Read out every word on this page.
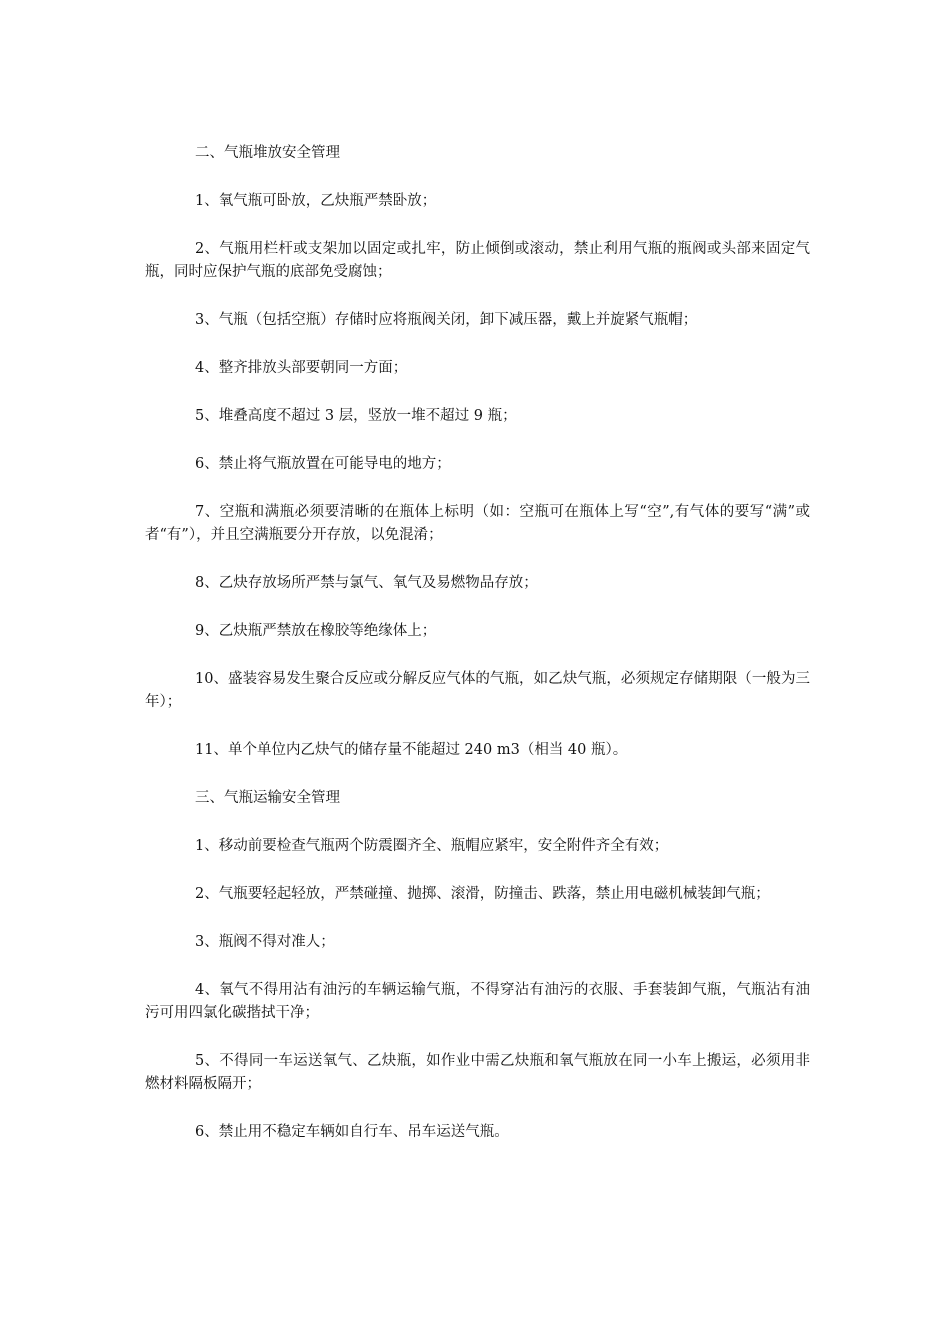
二、气瓶堆放安全管理

1、氧气瓶可卧放，乙炔瓶严禁卧放；

2、气瓶用栏杆或支架加以固定或扎牢，防止倾倒或滚动，禁止利用气瓶的瓶阀或头部来固定气瓶，同时应保护气瓶的底部免受腐蚀；

3、气瓶（包括空瓶）存储时应将瓶阀关闭，卸下减压器，戴上并旋紧气瓶帽；

4、整齐排放头部要朝同一方面；

5、堆叠高度不超过 3 层，竖放一堆不超过 9 瓶；

6、禁止将气瓶放置在可能导电的地方；

7、空瓶和满瓶必须要清晰的在瓶体上标明（如：空瓶可在瓶体上写“空”,有气体的要写“满”或者“有”），并且空满瓶要分开存放，以免混淆；

8、乙炔存放场所严禁与氯气、氧气及易燃物品存放；

9、乙炔瓶严禁放在橡胶等绝缘体上；

10、盛装容易发生聚合反应或分解反应气体的气瓶，如乙炔气瓶，必须规定存储期限（一般为三年）；

11、单个单位内乙炔气的储存量不能超过 240 m3（相当 40 瓶）。

三、气瓶运输安全管理

1、移动前要检查气瓶两个防震圈齐全、瓶帽应紧牢，安全附件齐全有效；

2、气瓶要轻起轻放，严禁碰撞、抛掷、滚滑，防撞击、跌落，禁止用电磁机械装卸气瓶；

3、瓶阀不得对准人；

4、氧气不得用沾有油污的车辆运输气瓶，不得穿沾有油污的衣服、手套装卸气瓶，气瓶沾有油污可用四氯化碳揩拭干净；

5、不得同一车运送氧气、乙炔瓶，如作业中需乙炔瓶和氧气瓶放在同一小车上搬运，必须用非燃材料隔板隔开；

6、禁止用不稳定车辆如自行车、吊车运送气瓶。
